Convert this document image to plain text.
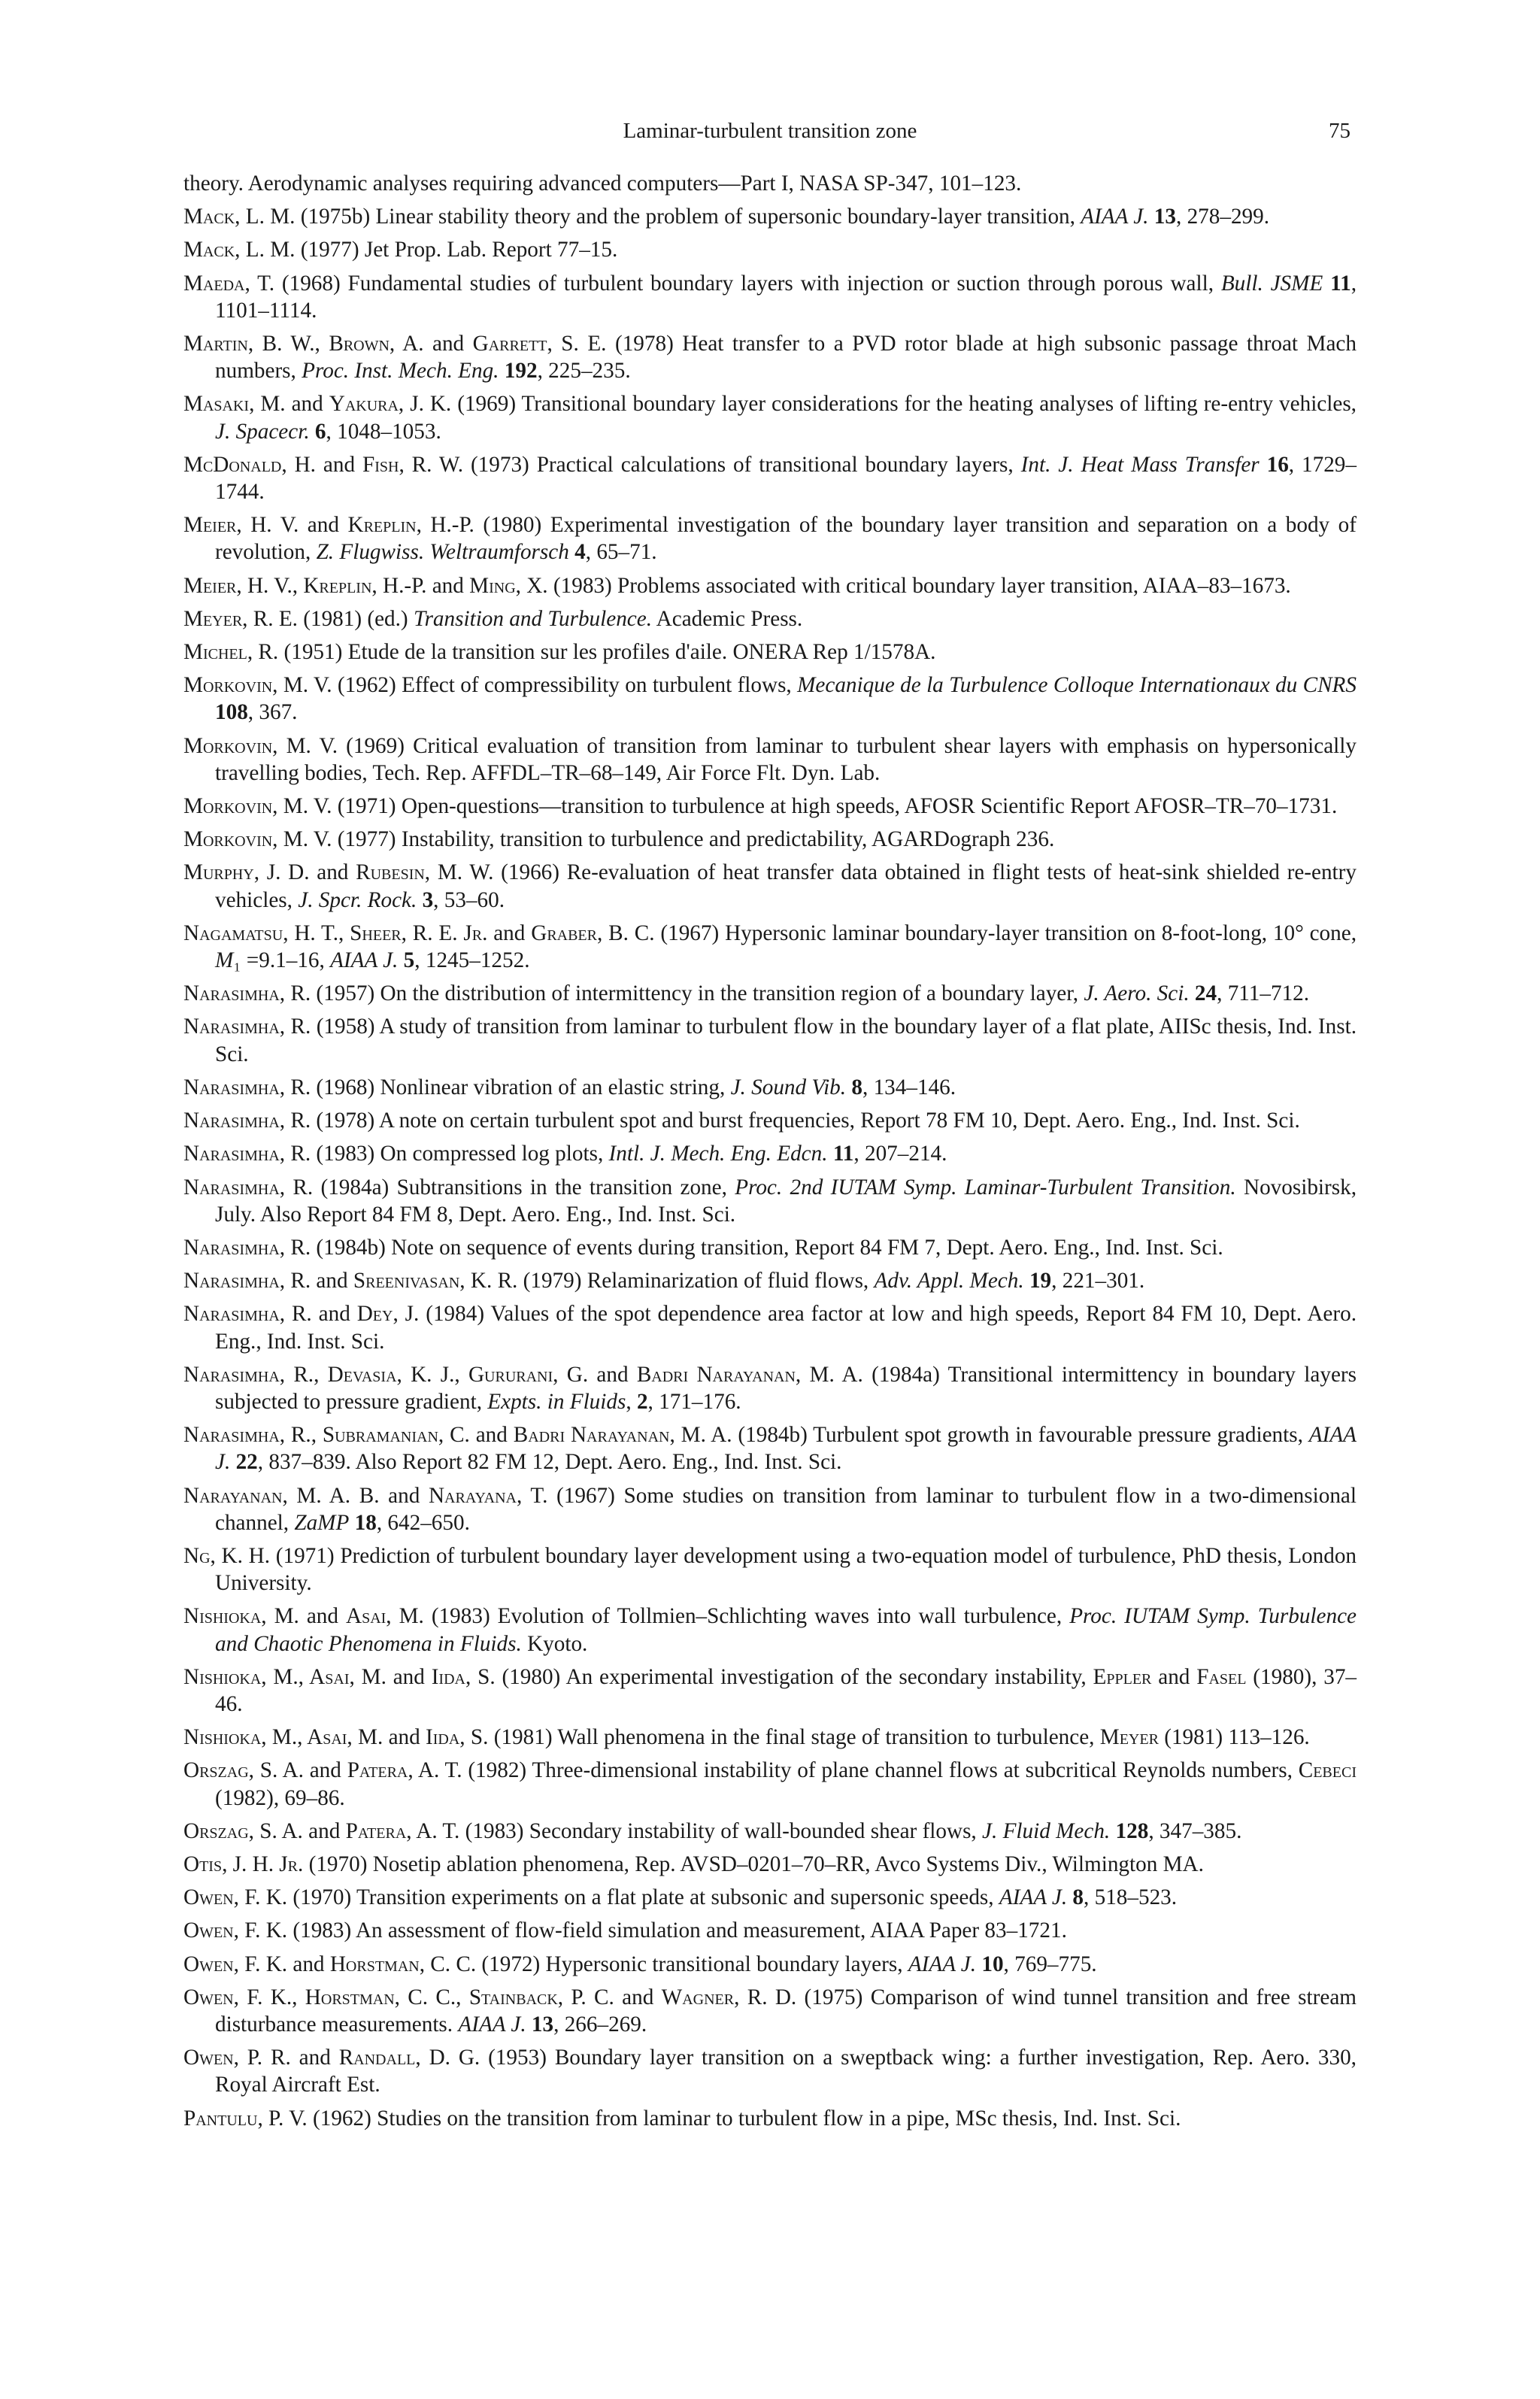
Laminar-turbulent transition zone	75

theory. Aerodynamic analyses requiring advanced computers—Part I, NASA SP-347, 101–123.

Mack, L. M. (1975b) Linear stability theory and the problem of supersonic boundary-layer transition, AIAA J. 13, 278–299.

Mack, L. M. (1977) Jet Prop. Lab. Report 77–15.

Maeda, T. (1968) Fundamental studies of turbulent boundary layers with injection or suction through porous wall, Bull. JSME 11, 1101–1114.

Martin, B. W., Brown, A. and Garrett, S. E. (1978) Heat transfer to a PVD rotor blade at high subsonic passage throat Mach numbers, Proc. Inst. Mech. Eng. 192, 225–235.

Masaki, M. and Yakura, J. K. (1969) Transitional boundary layer considerations for the heating analyses of lifting re-entry vehicles, J. Spacecr. 6, 1048–1053.

McDonald, H. and Fish, R. W. (1973) Practical calculations of transitional boundary layers, Int. J. Heat Mass Transfer 16, 1729–1744.

Meier, H. V. and Kreplin, H.-P. (1980) Experimental investigation of the boundary layer transition and separation on a body of revolution, Z. Flugwiss. Weltraumforsch 4, 65–71.

Meier, H. V., Kreplin, H.-P. and Ming, X. (1983) Problems associated with critical boundary layer transition, AIAA–83–1673.

Meyer, R. E. (1981) (ed.) Transition and Turbulence. Academic Press.

Michel, R. (1951) Etude de la transition sur les profiles d'aile. ONERA Rep 1/1578A.

Morkovin, M. V. (1962) Effect of compressibility on turbulent flows, Mecanique de la Turbulence Colloque Internationaux du CNRS 108, 367.

Morkovin, M. V. (1969) Critical evaluation of transition from laminar to turbulent shear layers with emphasis on hypersonically travelling bodies, Tech. Rep. AFFDL–TR–68–149, Air Force Flt. Dyn. Lab.

Morkovin, M. V. (1971) Open-questions—transition to turbulence at high speeds, AFOSR Scientific Report AFOSR–TR–70–1731.

Morkovin, M. V. (1977) Instability, transition to turbulence and predictability, AGARDograph 236.

Murphy, J. D. and Rubesin, M. W. (1966) Re-evaluation of heat transfer data obtained in flight tests of heat-sink shielded re-entry vehicles, J. Spcr. Rock. 3, 53–60.

Nagamatsu, H. T., Sheer, R. E. Jr. and Graber, B. C. (1967) Hypersonic laminar boundary-layer transition on 8-foot-long, 10° cone, M₁ =9.1–16, AIAA J. 5, 1245–1252.

Narasimha, R. (1957) On the distribution of intermittency in the transition region of a boundary layer, J. Aero. Sci. 24, 711–712.

Narasimha, R. (1958) A study of transition from laminar to turbulent flow in the boundary layer of a flat plate, AIISc thesis, Ind. Inst. Sci.

Narasimha, R. (1968) Nonlinear vibration of an elastic string, J. Sound Vib. 8, 134–146.

Narasimha, R. (1978) A note on certain turbulent spot and burst frequencies, Report 78 FM 10, Dept. Aero. Eng., Ind. Inst. Sci.

Narasimha, R. (1983) On compressed log plots, Intl. J. Mech. Eng. Edcn. 11, 207–214.

Narasimha, R. (1984a) Subtransitions in the transition zone, Proc. 2nd IUTAM Symp. Laminar-Turbulent Transition. Novosibirsk, July. Also Report 84 FM 8, Dept. Aero. Eng., Ind. Inst. Sci.

Narasimha, R. (1984b) Note on sequence of events during transition, Report 84 FM 7, Dept. Aero. Eng., Ind. Inst. Sci.

Narasimha, R. and Sreenivasan, K. R. (1979) Relaminarization of fluid flows, Adv. Appl. Mech. 19, 221–301.

Narasimha, R. and Dey, J. (1984) Values of the spot dependence area factor at low and high speeds, Report 84 FM 10, Dept. Aero. Eng., Ind. Inst. Sci.

Narasimha, R., Devasia, K. J., Gururani, G. and Badri Narayanan, M. A. (1984a) Transitional intermittency in boundary layers subjected to pressure gradient, Expts. in Fluids, 2, 171–176.

Narasimha, R., Subramanian, C. and Badri Narayanan, M. A. (1984b) Turbulent spot growth in favourable pressure gradients, AIAA J. 22, 837–839. Also Report 82 FM 12, Dept. Aero. Eng., Ind. Inst. Sci.

Narayanan, M. A. B. and Narayana, T. (1967) Some studies on transition from laminar to turbulent flow in a two-dimensional channel, ZaMP 18, 642–650.

Ng, K. H. (1971) Prediction of turbulent boundary layer development using a two-equation model of turbulence, PhD thesis, London University.

Nishioka, M. and Asai, M. (1983) Evolution of Tollmien–Schlichting waves into wall turbulence, Proc. IUTAM Symp. Turbulence and Chaotic Phenomena in Fluids. Kyoto.

Nishioka, M., Asai, M. and Iida, S. (1980) An experimental investigation of the secondary instability, Eppler and Fasel (1980), 37–46.

Nishioka, M., Asai, M. and Iida, S. (1981) Wall phenomena in the final stage of transition to turbulence, Meyer (1981) 113–126.

Orszag, S. A. and Patera, A. T. (1982) Three-dimensional instability of plane channel flows at subcritical Reynolds numbers, Cebeci (1982), 69–86.

Orszag, S. A. and Patera, A. T. (1983) Secondary instability of wall-bounded shear flows, J. Fluid Mech. 128, 347–385.

Otis, J. H. Jr. (1970) Nosetip ablation phenomena, Rep. AVSD–0201–70–RR, Avco Systems Div., Wilmington MA.

Owen, F. K. (1970) Transition experiments on a flat plate at subsonic and supersonic speeds, AIAA J. 8, 518–523.

Owen, F. K. (1983) An assessment of flow-field simulation and measurement, AIAA Paper 83–1721.

Owen, F. K. and Horstman, C. C. (1972) Hypersonic transitional boundary layers, AIAA J. 10, 769–775.

Owen, F. K., Horstman, C. C., Stainback, P. C. and Wagner, R. D. (1975) Comparison of wind tunnel transition and free stream disturbance measurements. AIAA J. 13, 266–269.

Owen, P. R. and Randall, D. G. (1953) Boundary layer transition on a sweptback wing: a further investigation, Rep. Aero. 330, Royal Aircraft Est.

Pantulu, P. V. (1962) Studies on the transition from laminar to turbulent flow in a pipe, MSc thesis, Ind. Inst. Sci.
